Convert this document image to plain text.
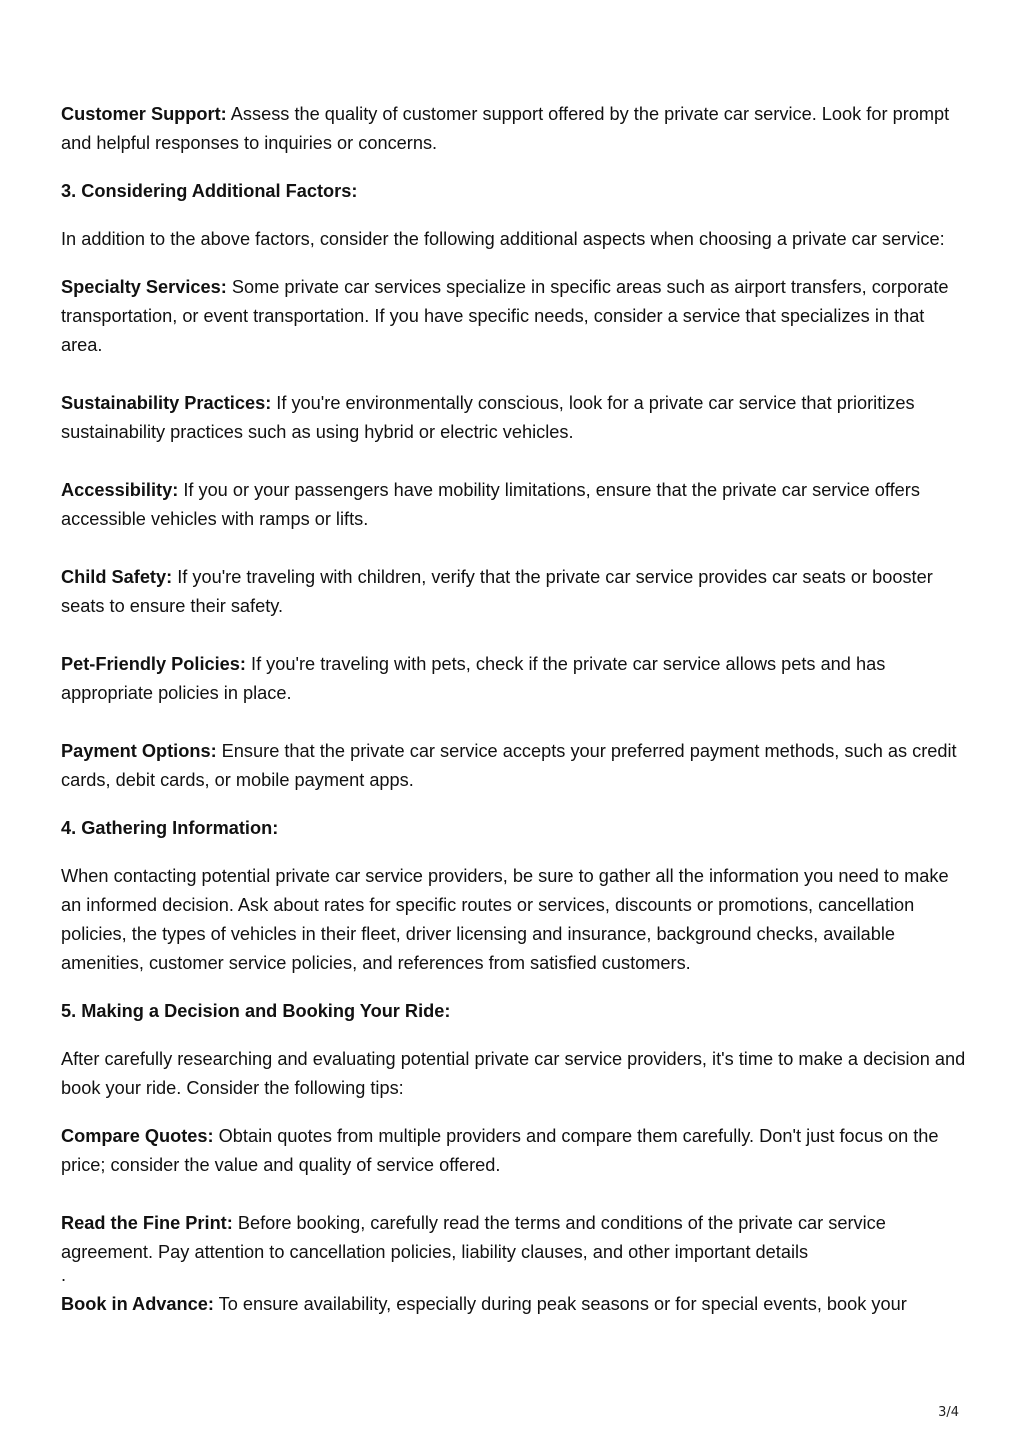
Customer Support: Assess the quality of customer support offered by the private car service. Look for prompt and helpful responses to inquiries or concerns.

3. Considering Additional Factors:

In addition to the above factors, consider the following additional aspects when choosing a private car service:

Specialty Services: Some private car services specialize in specific areas such as airport transfers, corporate transportation, or event transportation. If you have specific needs, consider a service that specializes in that area.

Sustainability Practices: If you're environmentally conscious, look for a private car service that prioritizes sustainability practices such as using hybrid or electric vehicles.

Accessibility: If you or your passengers have mobility limitations, ensure that the private car service offers accessible vehicles with ramps or lifts.

Child Safety: If you're traveling with children, verify that the private car service provides car seats or booster seats to ensure their safety.

Pet-Friendly Policies: If you're traveling with pets, check if the private car service allows pets and has appropriate policies in place.

Payment Options: Ensure that the private car service accepts your preferred payment methods, such as credit cards, debit cards, or mobile payment apps.

4. Gathering Information:

When contacting potential private car service providers, be sure to gather all the information you need to make an informed decision. Ask about rates for specific routes or services, discounts or promotions, cancellation policies, the types of vehicles in their fleet, driver licensing and insurance, background checks, available amenities, customer service policies, and references from satisfied customers.

5. Making a Decision and Booking Your Ride:

After carefully researching and evaluating potential private car service providers, it's time to make a decision and book your ride. Consider the following tips:

Compare Quotes: Obtain quotes from multiple providers and compare them carefully. Don't just focus on the price; consider the value and quality of service offered.

Read the Fine Print: Before booking, carefully read the terms and conditions of the private car service agreement. Pay attention to cancellation policies, liability clauses, and other important details

.

Book in Advance: To ensure availability, especially during peak seasons or for special events, book your

3/4
